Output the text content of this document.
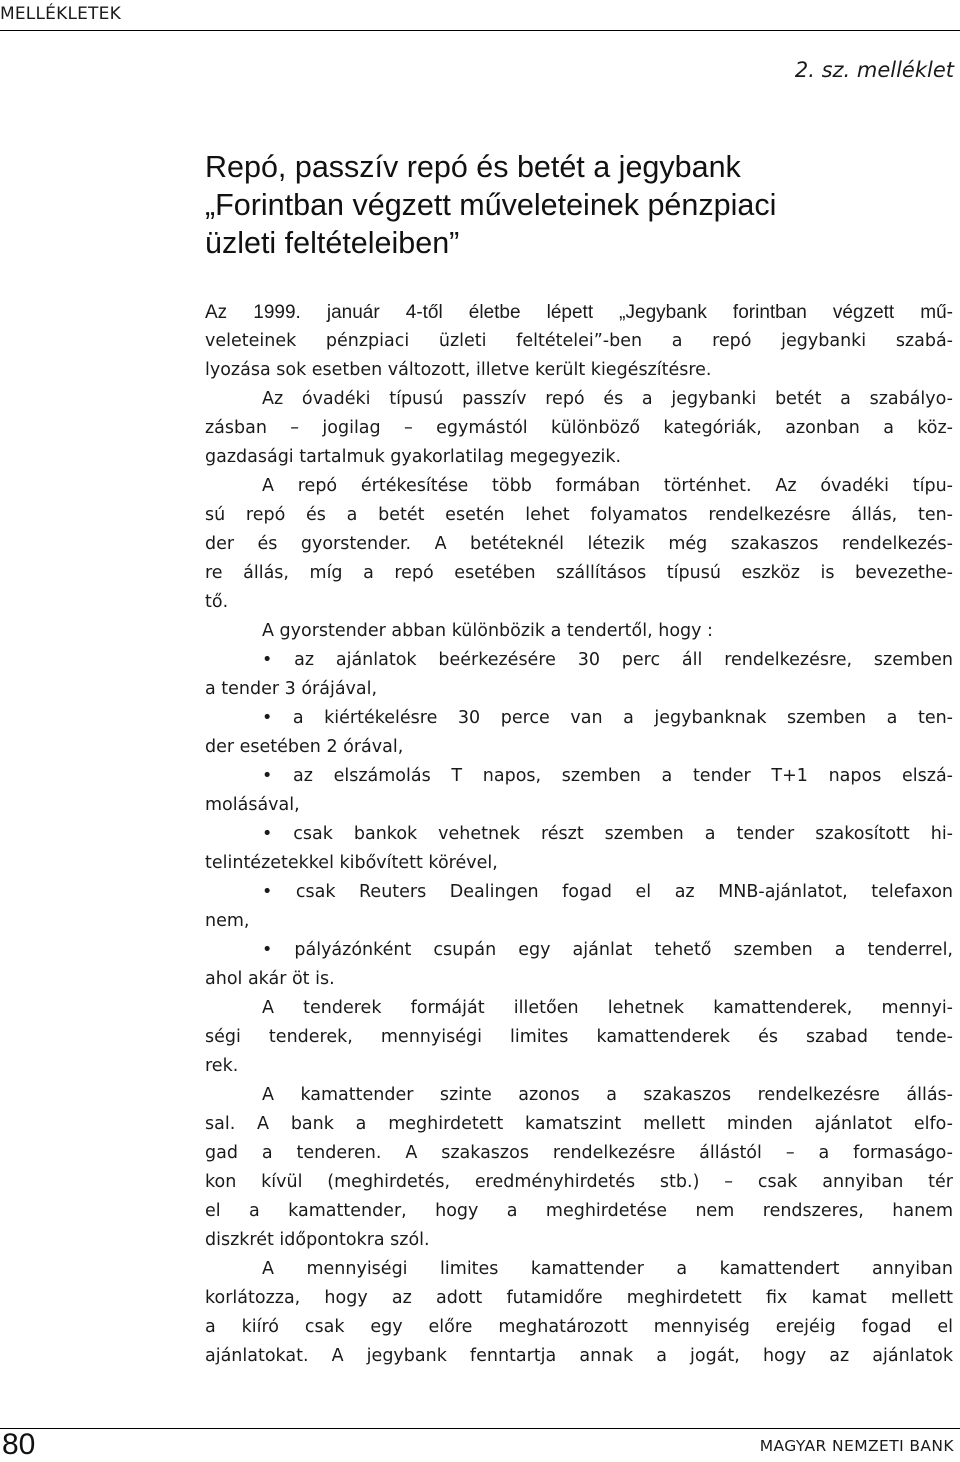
MELLÉKLETEK
2. sz. melléklet
Repó, passzív repó és betét a jegybank
„Forintban végzett műveleteinek pénzpiaci
üzleti feltételeiben”
Az 1999. január 4-től életbe lépett „Jegybank forintban végzett mű-
veleteinek pénzpiaci üzleti feltételei”-ben a repó jegybanki szabá-
lyozása sok esetben változott, illetve került kiegészítésre.
Az óvadéki típusú passzív repó és a jegybanki betét a szabályo-
zásban – jogilag – egymástól különböző kategóriák, azonban a köz-
gazdasági tartalmuk gyakorlatilag megegyezik.
A repó értékesítése több formában történhet. Az óvadéki típu-
sú repó és a betét esetén lehet folyamatos rendelkezésre állás, ten-
der és gyorstender. A betéteknél létezik még szakaszos rendelkezés-
re állás, míg a repó esetében szállításos típusú eszköz is bevezethe-
tő.
A gyorstender abban különbözik a tendertől, hogy :
• az ajánlatok beérkezésére 30 perc áll rendelkezésre, szemben
a tender 3 órájával,
• a kiértékelésre 30 perce van a jegybanknak szemben a ten-
der esetében 2 órával,
• az elszámolás T napos, szemben a tender T+1 napos elszá-
molásával,
• csak bankok vehetnek részt szemben a tender szakosított hi-
telintézetekkel kibővített körével,
• csak Reuters Dealingen fogad el az MNB-ajánlatot, telefaxon
nem,
• pályázónként csupán egy ajánlat tehető szemben a tenderrel,
ahol akár öt is.
A tenderek formáját illetően lehetnek kamattenderek, mennyi-
ségi tenderek, mennyiségi limites kamattenderek és szabad tende-
rek.
A kamattender szinte azonos a szakaszos rendelkezésre állás-
sal. A bank a meghirdetett kamatszint mellett minden ajánlatot elfo-
gad a tenderen. A szakaszos rendelkezésre állástól – a formaságo-
kon kívül (meghirdetés, eredményhirdetés stb.) – csak annyiban tér
el a kamattender, hogy a meghirdetése nem rendszeres, hanem
diszkrét időpontokra szól.
A mennyiségi limites kamattender a kamattendert annyiban
korlátozza, hogy az adott futamidőre meghirdetett fix kamat mellett
a kiíró csak egy előre meghatározott mennyiség erejéig fogad el
ajánlatokat. A jegybank fenntartja annak a jogát, hogy az ajánlatok
80	MAGYAR NEMZETI BANK
